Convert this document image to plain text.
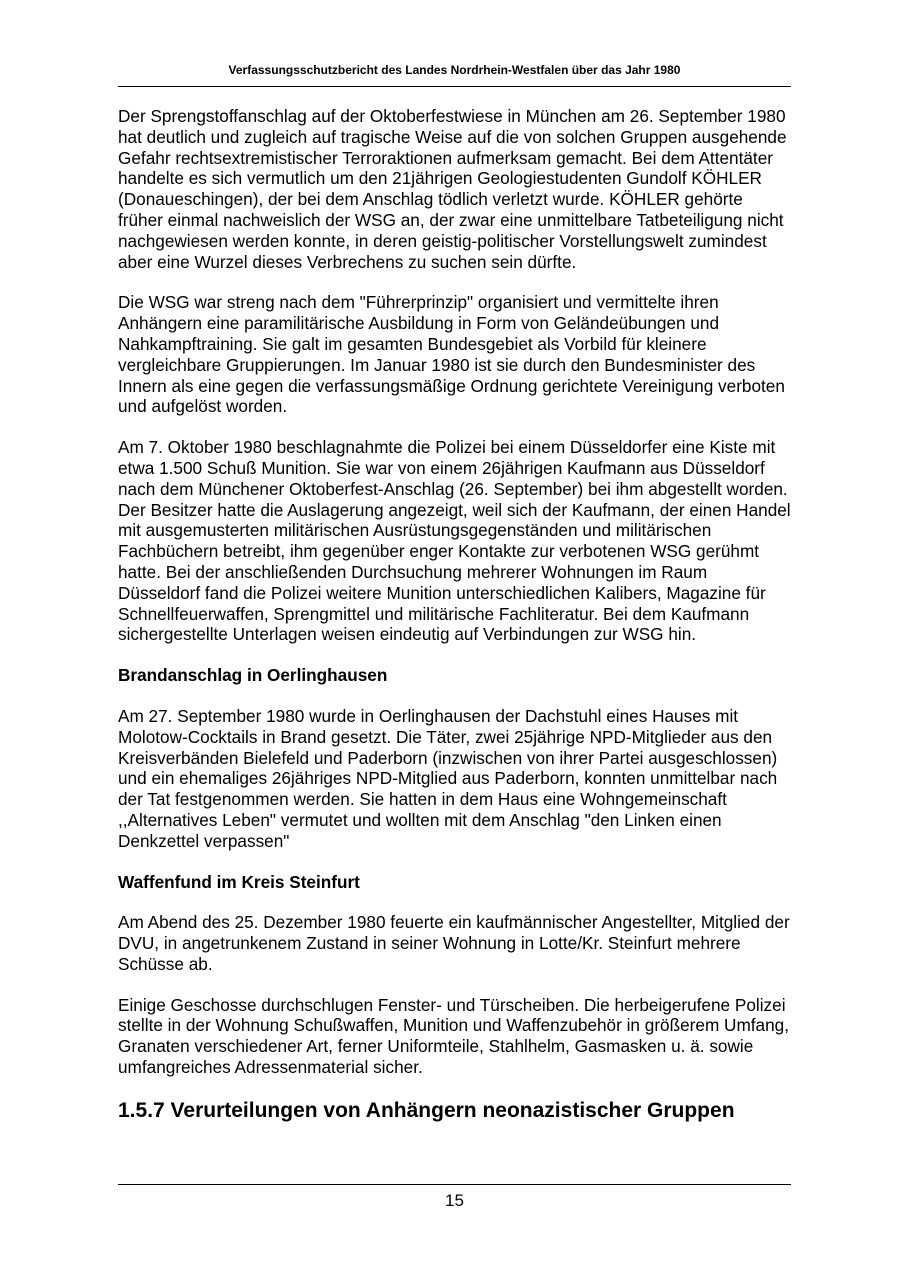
Verfassungsschutzbericht des Landes Nordrhein-Westfalen über das Jahr 1980

Der Sprengstoffanschlag auf der Oktoberfestwiese in München am 26. September 1980 hat deutlich und zugleich auf tragische Weise auf die von solchen Gruppen ausgehende Gefahr rechtsextremistischer Terroraktionen aufmerksam gemacht. Bei dem Attentäter handelte es sich vermutlich um den 21jährigen Geologiestudenten Gundolf KÖHLER (Donaueschingen), der bei dem Anschlag tödlich verletzt wurde. KÖHLER gehörte früher einmal nachweislich der WSG an, der zwar eine unmittelbare Tatbeteiligung nicht nachgewiesen werden konnte, in deren geistig-politischer Vorstellungswelt zumindest aber eine Wurzel dieses Verbrechens zu suchen sein dürfte.

Die WSG war streng nach dem "Führerprinzip" organisiert und vermittelte ihren Anhängern eine paramilitärische Ausbildung in Form von Geländeübungen und Nahkampftraining. Sie galt im gesamten Bundesgebiet als Vorbild für kleinere vergleichbare Gruppierungen. Im Januar 1980 ist sie durch den Bundesminister des Innern als eine gegen die verfassungsmäßige Ordnung gerichtete Vereinigung verboten und aufgelöst worden.

Am 7. Oktober 1980 beschlagnahmte die Polizei bei einem Düsseldorfer eine Kiste mit etwa 1.500 Schuß Munition. Sie war von einem 26jährigen Kaufmann aus Düsseldorf nach dem Münchener Oktoberfest-Anschlag (26. September) bei ihm abgestellt worden. Der Besitzer hatte die Auslagerung angezeigt, weil sich der Kaufmann, der einen Handel mit ausgemusterten militärischen Ausrüstungsgegenständen und militärischen Fachbüchern betreibt, ihm gegenüber enger Kontakte zur verbotenen WSG gerühmt hatte. Bei der anschließenden Durchsuchung mehrerer Wohnungen im Raum Düsseldorf fand die Polizei weitere Munition unterschiedlichen Kalibers, Magazine für Schnellfeuerwaffen, Sprengmittel und militärische Fachliteratur. Bei dem Kaufmann sichergestellte Unterlagen weisen eindeutig auf Verbindungen zur WSG hin.

Brandanschlag in Oerlinghausen

Am 27. September 1980 wurde in Oerlinghausen der Dachstuhl eines Hauses mit Molotow-Cocktails in Brand gesetzt. Die Täter, zwei 25jährige NPD-Mitglieder aus den Kreisverbänden Bielefeld und Paderborn (inzwischen von ihrer Partei ausgeschlossen) und ein ehemaliges 26jähriges NPD-Mitglied aus Paderborn, konnten unmittelbar nach der Tat festgenommen werden. Sie hatten in dem Haus eine Wohngemeinschaft ,,Alternatives Leben" vermutet und wollten mit dem Anschlag "den Linken einen Denkzettel verpassen"

Waffenfund im Kreis Steinfurt

Am Abend des 25. Dezember 1980 feuerte ein kaufmännischer Angestellter, Mitglied der DVU, in angetrunkenem Zustand in seiner Wohnung in Lotte/Kr. Steinfurt mehrere Schüsse ab.

Einige Geschosse durchschlugen Fenster- und Türscheiben. Die herbeigerufene Polizei stellte in der Wohnung Schußwaffen, Munition und Waffenzubehör in größerem Umfang, Granaten verschiedener Art, ferner Uniformteile, Stahlhelm, Gasmasken u. ä. sowie umfangreiches Adressenmaterial sicher.

1.5.7 Verurteilungen von Anhängern neonazistischer Gruppen
15
